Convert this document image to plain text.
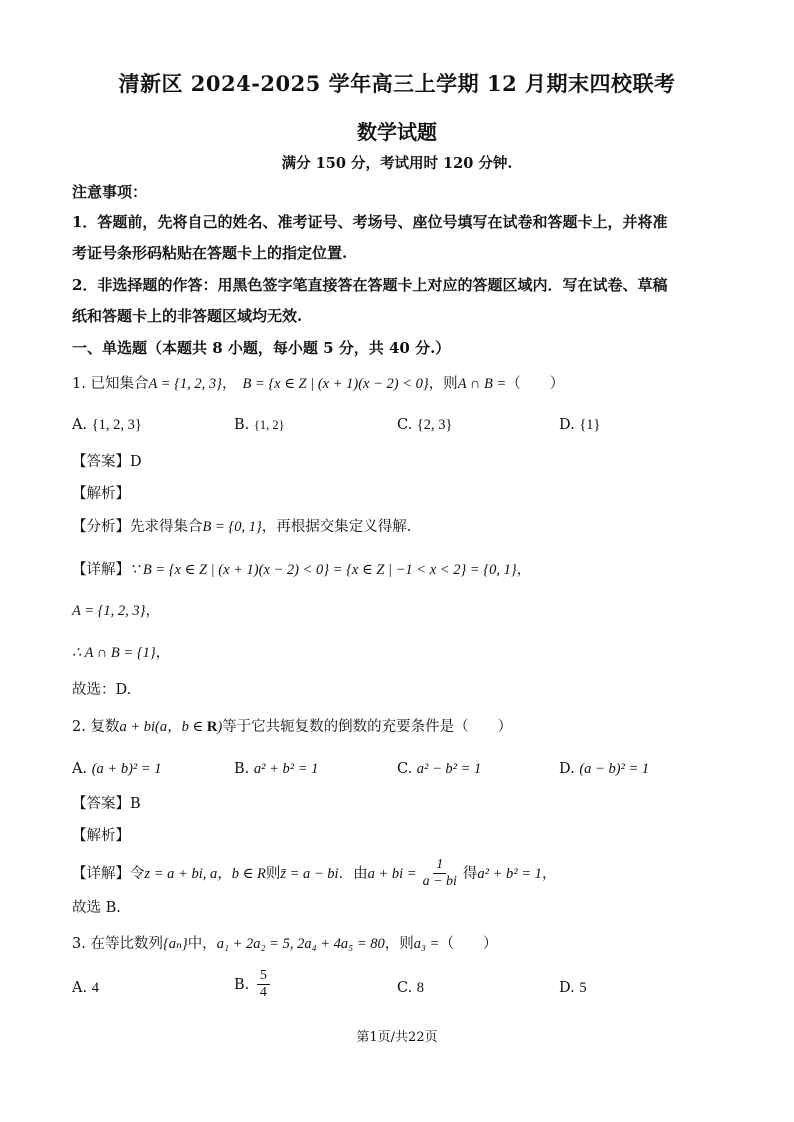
清新区 2024-2025 学年高三上学期 12 月期末四校联考
数学试题
满分 150 分，考试用时 120 分钟.
注意事项：
1．答题前，先将自己的姓名、准考证号、考场号、座位号填写在试卷和答题卡上，并将准
考证号条形码粘贴在答题卡上的指定位置.
2．非选择题的作答：用黑色签字笔直接答在答题卡上对应的答题区域内．写在试卷、草稿
纸和答题卡上的非答题区域均无效.
一、单选题（本题共 8 小题，每小题 5 分，共 40 分.）
1. 已知集合A = {1, 2, 3}， B = {x ∈ Z | (x + 1)(x − 2) < 0}，则A ∩ B =（　　）
A. {1, 2, 3}	B. {1, 2}	C. {2, 3}	D. {1}
【答案】D
【解析】
【分析】先求得集合B = {0, 1}，再根据交集定义得解.
【详解】∵ B = {x ∈ Z | (x + 1)(x − 2) < 0} = {x ∈ Z | −1 < x < 2} = {0, 1}，
A = {1, 2, 3}，
∴ A ∩ B = {1}，
故选：D.
2. 复数a + bi(a，b ∈ R)等于它共轭复数的倒数的充要条件是（　　）
A. (a + b)² = 1	B. a² + b² = 1	C. a² − b² = 1	D. (a − b)² = 1
【答案】B
【解析】
【详解】令z = a + bi, a，b ∈ R则z̄ = a − bi．由a + bi = $\frac{1}{a - bi}$ 得a² + b² = 1，
故选 B.
3. 在等比数列{aₙ}中，a₁ + 2a₂ = 5, 2a₄ + 4a₅ = 80，则a₃ =（　　）
A. 4	B. $\frac{5}{4}$	C. 8	D. 5
第1页/共22页
